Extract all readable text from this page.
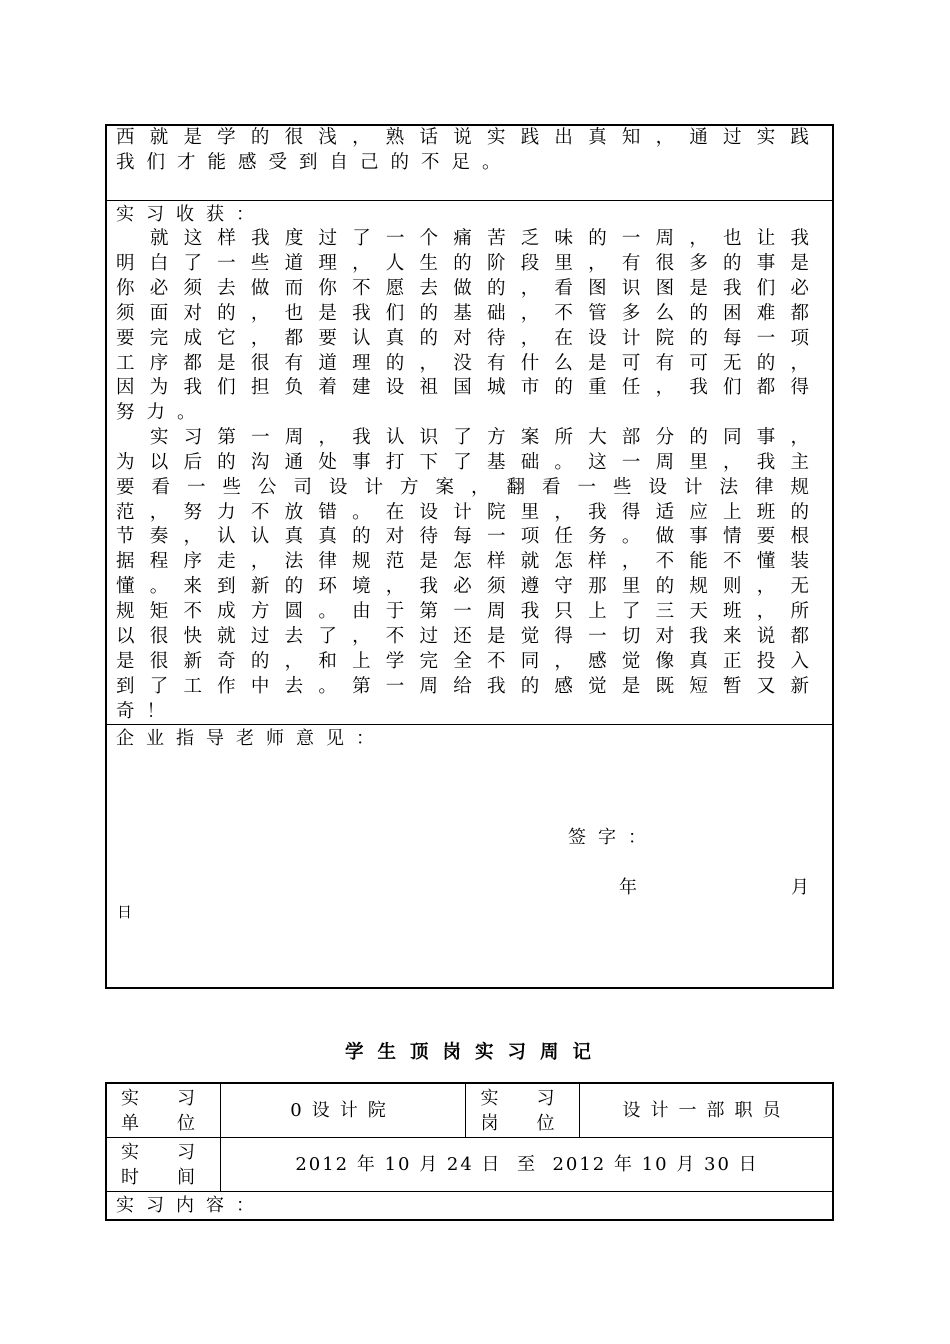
西就是学的很浅，熟话说实践出真知，通过实践
我们才能感受到自己的不足。
实习收获：
就这样我度过了一个痛苦乏味的一周，也让我
明白了一些道理，人生的阶段里，有很多的事是
你必须去做而你不愿去做的，看图识图是我们必
须面对的，也是我们的基础，不管多么的困难都
要完成它，都要认真的对待，在设计院的每一项
工序都是很有道理的，没有什么是可有可无的，
因为我们担负着建设祖国城市的重任，我们都得
努力。
实习第一周，我认识了方案所大部分的同事，
为以后的沟通处事打下了基础。这一周里，我主
要看一些公司设计方案，翻看一些设计法律规
范，努力不放错。在设计院里，我得适应上班的
节奏，认认真真的对待每一项任务。做事情要根
据程序走，法律规范是怎样就怎样，不能不懂装
懂。来到新的环境，我必须遵守那里的规则，无
规矩不成方圆。由于第一周我只上了三天班，所
以很快就过去了，不过还是觉得一切对我来说都
是很新奇的，和上学完全不同，感觉像真正投入
到了工作中去。第一周给我的感觉是既短暂又新
奇！
企业指导老师意见：
签字：
年	月
日
学生顶岗实习周记
实　习
单　位
0设计院
实　习
岗　位
设计一部职员
实　习
时　间
2012 年 10 月 24 日  至  2012 年 10 月 30 日
实习内容：
